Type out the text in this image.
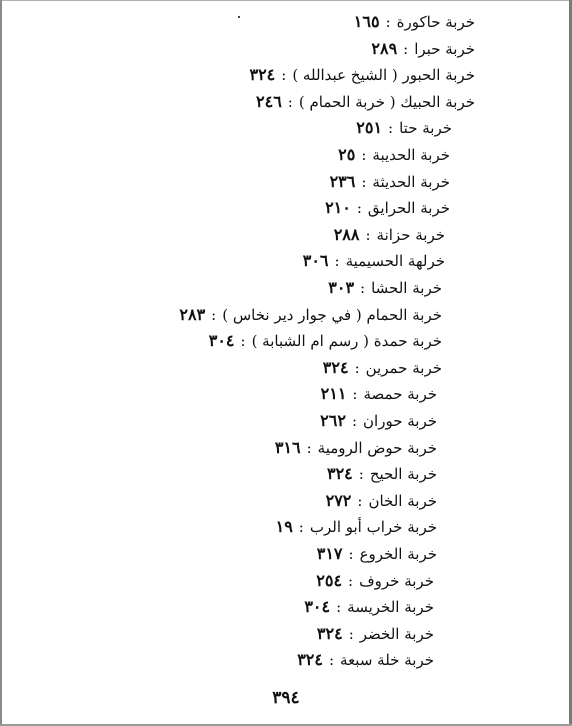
خربة حاكورة:١٦٥
خربة حبرا:٢٨٩
خربة الحبور ( الشيخ عبدالله ):٣٢٤
خربة الحبيك ( خربة الحمام ):٢٤٦
خربة حتا:٢٥١
خربة الحديبة:٢٥
خربة الحديثة:٢٣٦
خربة الحرايق:٢١٠
خربة حزانة:٢٨٨
خرلهة الحسيمية:٣٠٦
خربة الحشا:٣٠٣
خربة الحمام ( في جوار دير نخاس ):٢٨٣
خربة حمدة ( رسم ام الشبابة ):٣٠٤
خربة حمرين:٣٢٤
خربة حمصة:٢١١
خربة حوران:٢٦٢
خربة حوض الرومية:٣١٦
خربة الحيح:٣٢٤
خربة الخان:٢٧٢
خربة خراب أبو الرب:١٩
خربة الخروع:٣١٧
خربة خروف:٢٥٤
خربة الخريسة:٣٠٤
خربة الخضر:٣٢٤
خربة خلة سبعة:٣٢٤
٣٩٤
